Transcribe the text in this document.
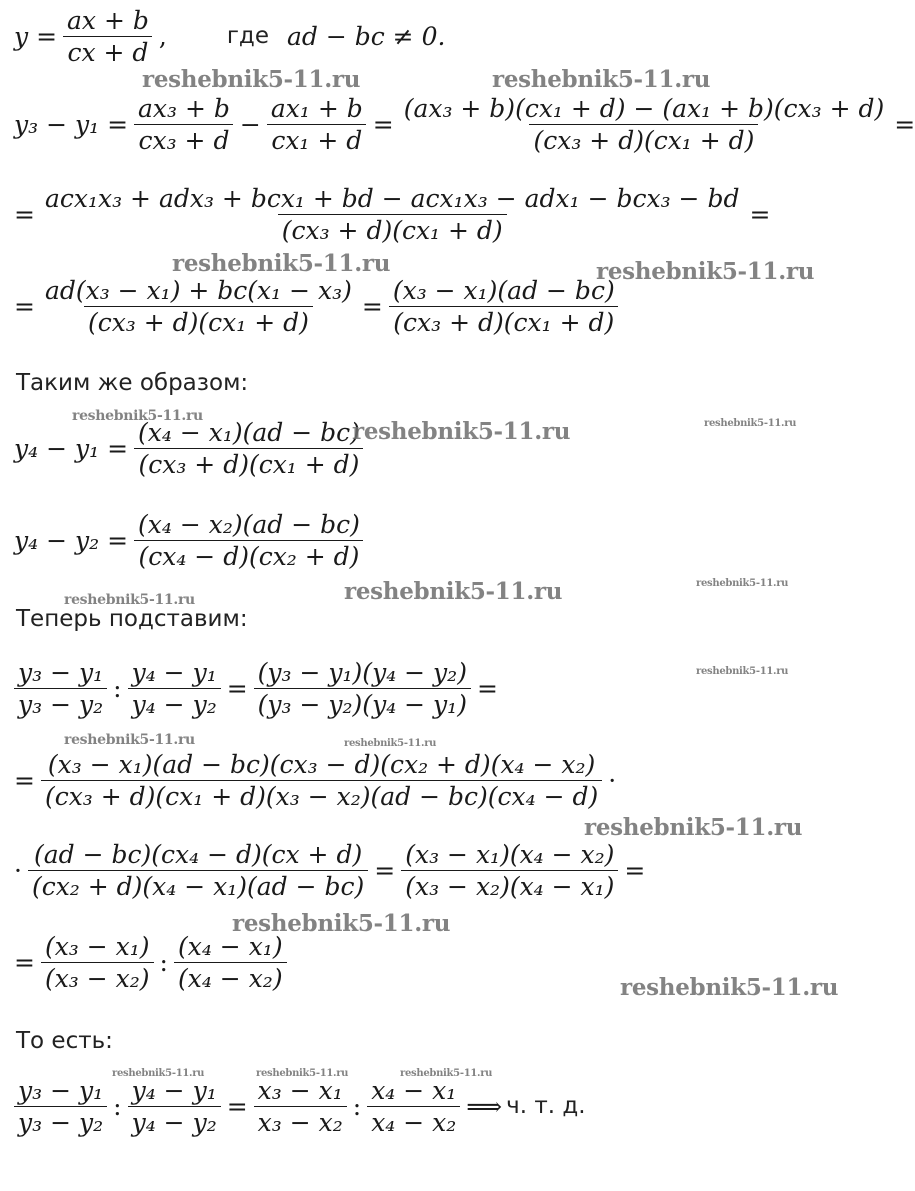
$y = \frac{ax + b}{cx + d}$ ,	где ad − bc ≠ 0.
$y_3 - y_1 = \frac{\text{ax₃ + b}}{\text{cx₃ + d}} - \frac{\text{ax₁ + b}}{\text{cx₁ + d}} = \frac{\text{(ax₃ + b)(cx₁ + d) − (ax₁ + b)(cx₃ + d)}}{\text{(cx₃ + d)(cx₁ + d)}}$ =
= $\frac{\text{acx₁x₃ + adx₃ + bcx₁ + bd − acx₁x₃ − adx₁ − bcx₃ − bd}}{\text{(cx₃ + d)(cx₁ + d)}}$ =
= $\frac{\text{ad(x₃ − x₁) + bc(x₁ − x₃)}}{\text{(cx₃ + d)(cx₁ + d)}} = \frac{\text{(x₃ − x₁)(ad − bc)}}{\text{(cx₃ + d)(cx₁ + d)}}$
Таким же образом:
$y_4 - y_1 = \frac{\text{(x₄ − x₁)(ad − bc)}}{\text{(cx₃ + d)(cx₁ + d)}}$
$y_4 - y_2 = \frac{\text{(x₄ − x₂)(ad − bc)}}{\text{(cx₄ − d)(cx₂ + d)}}$
Теперь подставим:
$\frac{\text{y₃ − y₁}}{\text{y₃ − y₂}}$ : $\frac{\text{y₄ − y₁}}{\text{y₄ − y₂}} = \frac{\text{(y₃ − y₁)(y₄ − y₂)}}{\text{(y₃ − y₂)(y₄ − y₁)}}$ =
= $\frac{\text{(x₃ − x₁)(ad − bc)(cx₃ − d)(cx₂ + d)(x₄ − x₂)}}{\text{(cx₃ + d)(cx₁ + d)(x₃ − x₂)(ad − bc)(cx₄ − d)}}$ ·
· $\frac{\text{(ad − bc)(cx₄ − d)(cx + d)}}{\text{(cx₂ + d)(x₄ − x₁)(ad − bc)}} = \frac{\text{(x₃ − x₁)(x₄ − x₂)}}{\text{(x₃ − x₂)(x₄ − x₁)}}$ =
= $\frac{\text{(x₃ − x₁)}}{\text{(x₃ − x₂)}}$ : $\frac{\text{(x₄ − x₁)}}{\text{(x₄ − x₂)}}$
То есть:
$\frac{\text{y₃ − y₁}}{\text{y₃ − y₂}}$ : $\frac{\text{y₄ − y₁}}{\text{y₄ − y₂}} = \frac{\text{x₃ − x₁}}{\text{x₃ − x₂}}$ : $\frac{\text{x₄ − x₁}}{\text{x₄ − x₂}}$ ⟹ ч. т. д.
reshebnik5-11.ru	reshebnik5-11.ru
reshebnik5-11.ru	reshebnik5-11.ru
reshebnik5-11.ru
reshebnik5-11.ru	reshebnik5-11.ru
reshebnik5-11.ru	reshebnik5-11.ru
reshebnik5-11.ru
reshebnik5-11.ru
reshebnik5-11.ru	reshebnik5-11.ru
reshebnik5-11.ru
reshebnik5-11.ru
reshebnik5-11.ru
reshebnik5-11.ru	reshebnik5-11.ru	reshebnik5-11.ru
